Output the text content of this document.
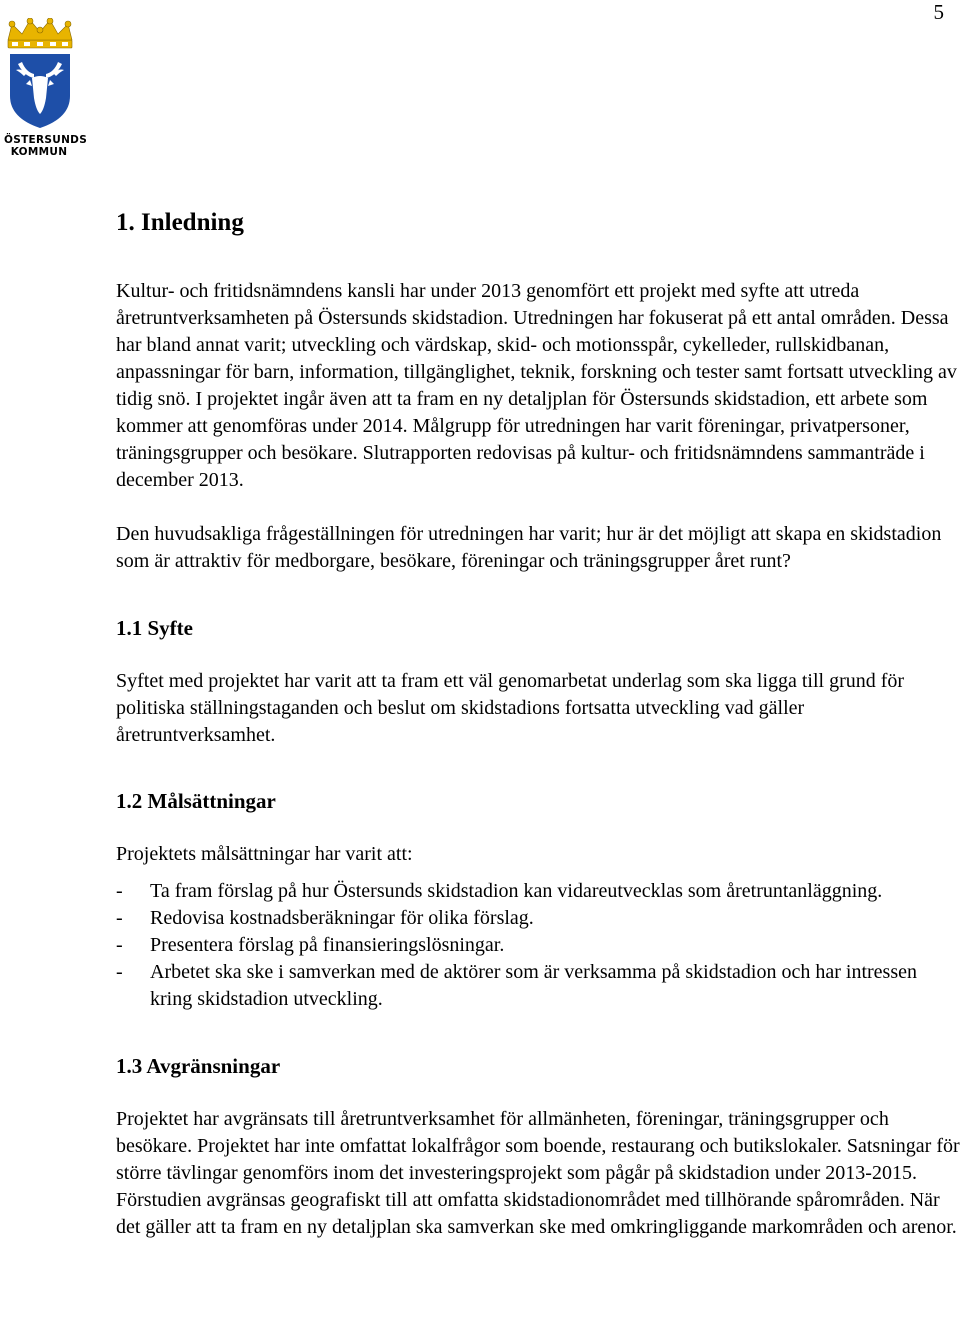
5
ÖSTERSUNDS
KOMMUN
1. Inledning

Kultur- och fritidsnämndens kansli har under 2013 genomfört ett projekt med syfte att utreda åretruntverksamheten på Östersunds skidstadion. Utredningen har fokuserat på ett antal områden. Dessa har bland annat varit; utveckling och värdskap, skid- och motionsspår, cykelleder, rullskidbanan, anpassningar för barn, information, tillgänglighet, teknik, forskning och tester samt fortsatt utveckling av tidig snö. I projektet ingår även att ta fram en ny detaljplan för Östersunds skidstadion, ett arbete som kommer att genomföras under 2014. Målgrupp för utredningen har varit föreningar, privatpersoner, träningsgrupper och besökare. Slutrapporten redovisas på kultur- och fritidsnämndens sammanträde i december 2013.

Den huvudsakliga frågeställningen för utredningen har varit; hur är det möjligt att skapa en skidstadion som är attraktiv för medborgare, besökare, föreningar och träningsgrupper året runt?

1.1 Syfte

Syftet med projektet har varit att ta fram ett väl genomarbetat underlag som ska ligga till grund för politiska ställningstaganden och beslut om skidstadions fortsatta utveckling vad gäller åretruntverksamhet.

1.2 Målsättningar

Projektets målsättningar har varit att:

- Ta fram förslag på hur Östersunds skidstadion kan vidareutvecklas som åretruntanläggning.
- Redovisa kostnadsberäkningar för olika förslag.
- Presentera förslag på finansieringslösningar.
- Arbetet ska ske i samverkan med de aktörer som är verksamma på skidstadion och har intressen kring skidstadion utveckling.
1.3 Avgränsningar

Projektet har avgränsats till åretruntverksamhet för allmänheten, föreningar, träningsgrupper och besökare. Projektet har inte omfattat lokalfrågor som boende, restaurang och butikslokaler. Satsningar för större tävlingar genomförs inom det investeringsprojekt som pågår på skidstadion under 2013-2015. Förstudien avgränsas geografiskt till att omfatta skidstadionområdet med tillhörande spårområden. När det gäller att ta fram en ny detaljplan ska samverkan ske med omkringliggande markområden och arenor.
